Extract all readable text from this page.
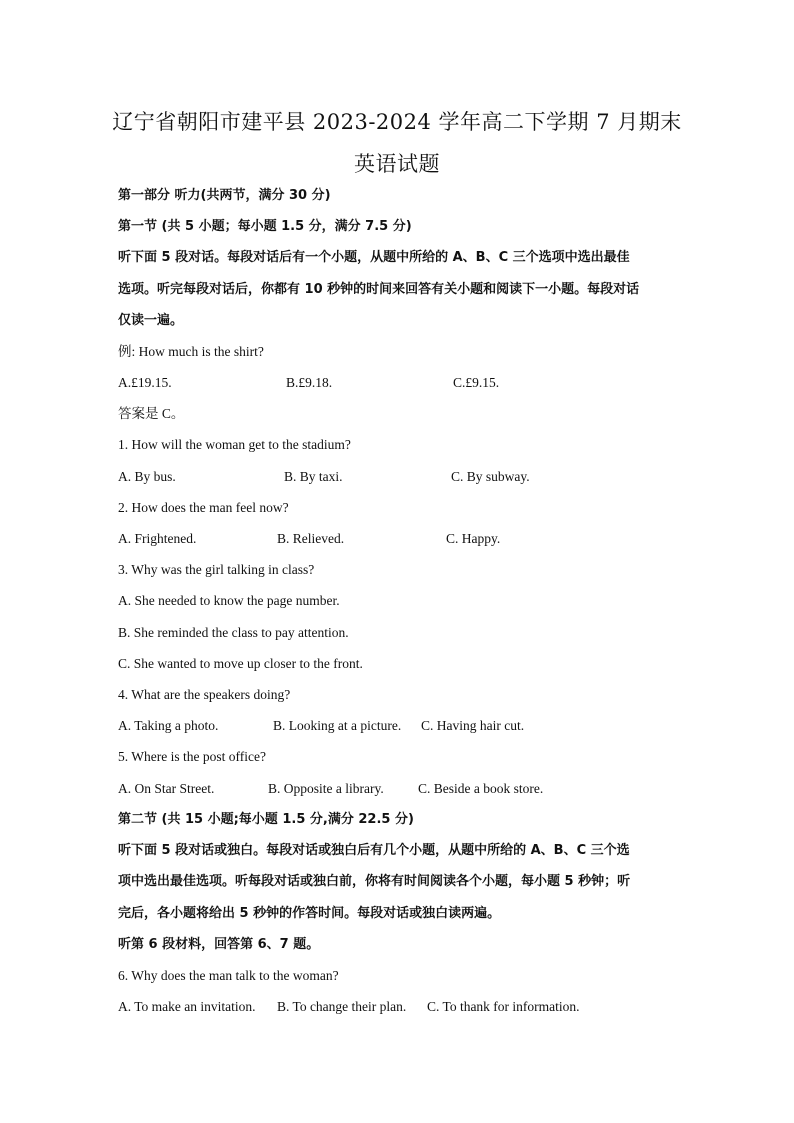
辽宁省朝阳市建平县 2023-2024 学年高二下学期 7 月期末
英语试题
第一部分 听力(共两节，满分 30 分)
第一节 (共 5 小题；每小题 1.5 分，满分 7.5 分)
听下面 5 段对话。每段对话后有一个小题，从题中所给的 A、B、C 三个选项中选出最佳
选项。听完每段对话后，你都有 10 秒钟的时间来回答有关小题和阅读下一小题。每段对话
仅读一遍。
例: How much is the shirt?
A.£19.15.	B.£9.18.	C.£9.15.
答案是 C。
1. How will the woman get to the stadium?
A. By bus.	B. By taxi.	C. By subway.
2. How does the man feel now?
A. Frightened.	B. Relieved.	C. Happy.
3. Why was the girl talking in class?
A. She needed to know the page number.
B. She reminded the class to pay attention.
C. She wanted to move up closer to the front.
4. What are the speakers doing?
A. Taking a photo.	B. Looking at a picture. C. Having hair cut.
5. Where is the post office?
A. On Star Street.	B. Opposite a library.	C. Beside a book store.
第二节 (共 15 小题;每小题 1.5 分,满分 22.5 分)
听下面 5 段对话或独白。每段对话或独白后有几个小题，从题中所给的 A、B、C 三个选
项中选出最佳选项。听每段对话或独白前，你将有时间阅读各个小题，每小题 5 秒钟；听
完后，各小题将给出 5 秒钟的作答时间。每段对话或独白读两遍。
听第 6 段材料，回答第 6、7 题。
6. Why does the man talk to the woman?
A. To make an invitation. B. To change their plan. C. To thank for information.
